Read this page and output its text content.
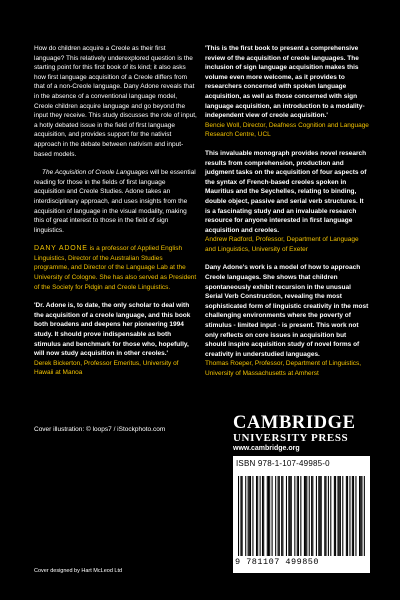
How do children acquire a Creole as their first language? This relatively underexplored question is the starting point for this first book of its kind; it also asks how first language acquisition of a Creole differs from that of a non-Creole language. Dany Adone reveals that in the absence of a conventional language model, Creole children acquire language and go beyond the input they receive. This study discusses the role of input, a hotly debated issue in the field of first language acquisition, and provides support for the nativist approach in the debate between nativism and input-based models.

The Acquisition of Creole Languages will be essential reading for those in the fields of first language acquisition and Creole Studies. Adone takes an interdisciplinary approach, and uses insights from the acquisition of language in the visual modality, making this of great interest to those in the field of sign linguistics.

DANY ADONE is a professor of Applied English Linguistics, Director of the Australian Studies programme, and Director of the Language Lab at the University of Cologne. She has also served as President of the Society for Pidgin and Creole Linguistics.

'Dr. Adone is, to date, the only scholar to deal with the acquisition of a creole language, and this book both broadens and deepens her pioneering 1994 study. It should prove indispensable as both stimulus and benchmark for those who, hopefully, will now study acquisition in other creoles.'
Derek Bickerton, Professor Emeritus, University of Hawaii at Manoa

'This is the first book to present a comprehensive review of the acquisition of creole languages. The inclusion of sign language acquisition makes this volume even more welcome, as it provides to researchers concerned with spoken language acquisition, as well as those concerned with sign language acquisition, an introduction to a modality-independent view of creole acquisition.'
Bencie Woll, Director, Deafness Cognition and Language Research Centre, UCL

This invaluable monograph provides novel research results from comprehension, production and judgment tasks on the acquisition of four aspects of the syntax of French-based creoles spoken in Mauritius and the Seychelles, relating to binding, double object, passive and serial verb structures. It is a fascinating study and an invaluable research resource for anyone interested in first language acquisition and creoles.
Andrew Radford, Professor, Department of Language and Linguistics, University of Exeter

Dany Adone's work is a model of how to approach Creole languages. She shows that children spontaneously exhibit recursion in the unusual Serial Verb Construction, revealing the most sophisticated form of linguistic creativity in the most challenging environments where the poverty of stimulus - limited input - is present. This work not only reflects on core issues in acquisition but should inspire acquisition study of novel forms of creativity in understudied languages.
Thomas Roeper, Professor, Department of Linguistics, University of Massachusetts at Amherst

Cover illustration: © loops7 / iStockphoto.com	CAMBRIDGE
UNIVERSITY PRESS
www.cambridge.org
ISBN 978-1-107-49985-0
9 781107 499850
Cover designed by Hart McLeod Ltd
